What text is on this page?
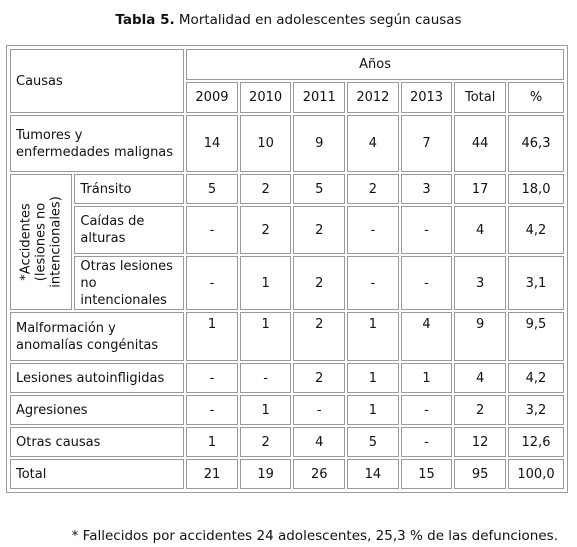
Tabla 5. Mortalidad en adolescentes según causas
Causas		Años						
		2009	2010	2011	2012	2013	Total	%
Tumores y enfermedades malignas		14	10	9	4	7	44	46,3

*Accidentes (lesiones no intencionales)	Tránsito	5	2	5	2	3	17	18,0
	Caídas de alturas	-	2	2	-	-	4	4,2
	Otras lesiones no intencionales	-	1	2	-	-	3	3,1
Malformación y anomalías congénitas		1	1	2	1	4	9	9,5
Lesiones autoinfligidas		-	-	2	1	1	4	4,2
Agresiones		-	1	-	1	-	2	3,2
Otras causas		1	2	4	5	-	12	12,6
Total		21	19	26	14	15	95	100,0
* Fallecidos por accidentes 24 adolescentes, 25,3 % de las defunciones.
